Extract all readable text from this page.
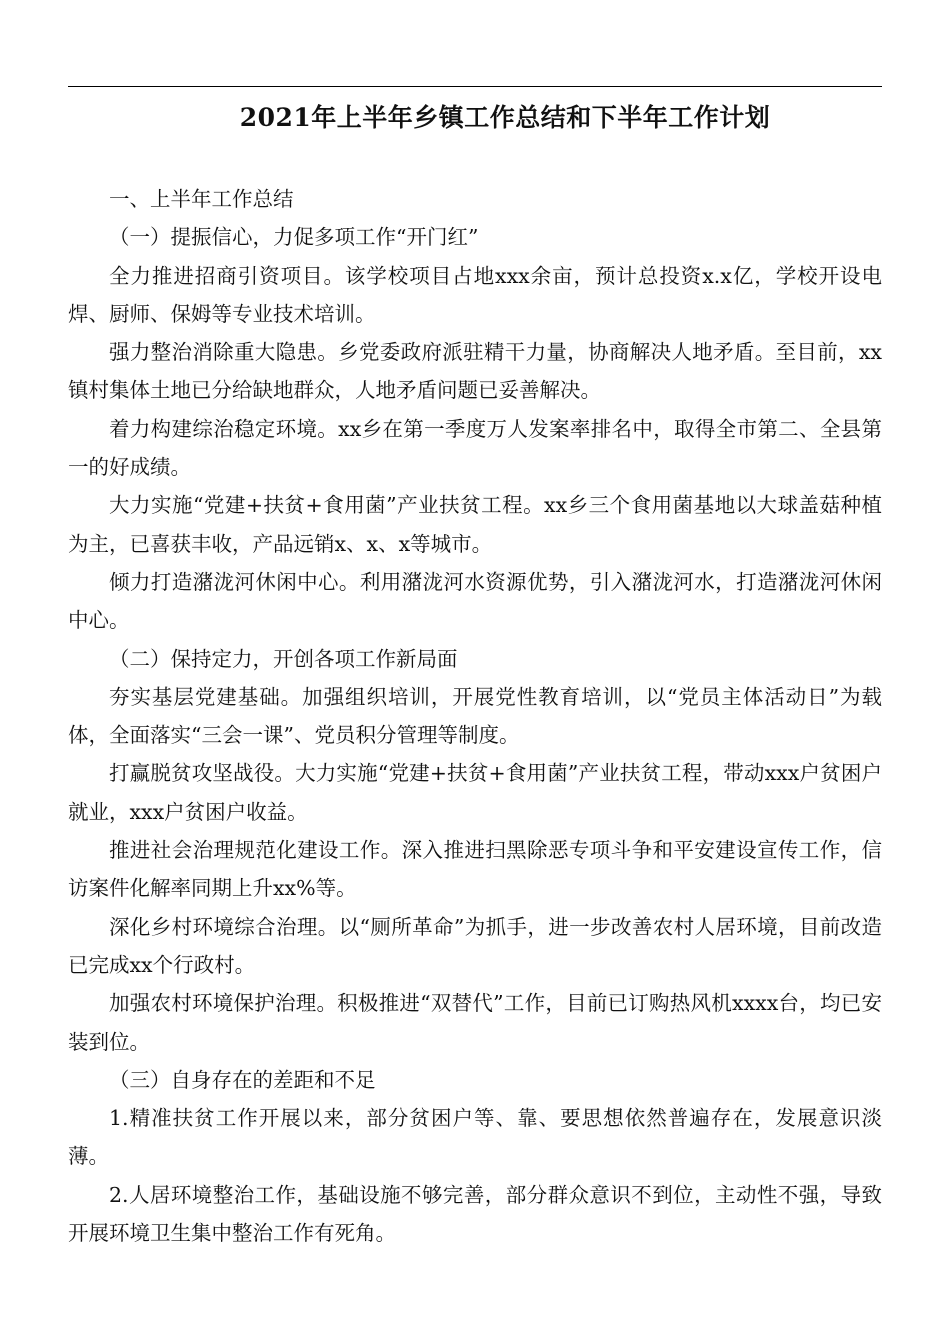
2021年上半年乡镇工作总结和下半年工作计划

一、上半年工作总结

（一）提振信心，力促多项工作“开门红”

全力推进招商引资项目。该学校项目占地xxx余亩，预计总投资x.x亿，学校开设电焊、厨师、保姆等专业技术培训。

强力整治消除重大隐患。乡党委政府派驻精干力量，协商解决人地矛盾。至目前，xx镇村集体土地已分给缺地群众，人地矛盾问题已妥善解决。

着力构建综治稳定环境。xx乡在第一季度万人发案率排名中，取得全市第二、全县第一的好成绩。

大力实施“党建+扶贫+食用菌”产业扶贫工程。xx乡三个食用菌基地以大球盖菇种植为主，已喜获丰收，产品远销x、x、x等城市。

倾力打造潴泷河休闲中心。利用潴泷河水资源优势，引入潴泷河水，打造潴泷河休闲中心。

（二）保持定力，开创各项工作新局面

夯实基层党建基础。加强组织培训，开展党性教育培训，以“党员主体活动日”为载体，全面落实“三会一课”、党员积分管理等制度。

打赢脱贫攻坚战役。大力实施“党建+扶贫+食用菌”产业扶贫工程，带动xxx户贫困户就业，xxx户贫困户收益。

推进社会治理规范化建设工作。深入推进扫黑除恶专项斗争和平安建设宣传工作，信访案件化解率同期上升xx%等。

深化乡村环境综合治理。以“厕所革命”为抓手，进一步改善农村人居环境，目前改造已完成xx个行政村。

加强农村环境保护治理。积极推进“双替代”工作，目前已订购热风机xxxx台，均已安装到位。

（三）自身存在的差距和不足

1.精准扶贫工作开展以来，部分贫困户等、靠、要思想依然普遍存在，发展意识淡薄。

2.人居环境整治工作，基础设施不够完善，部分群众意识不到位，主动性不强，导致开展环境卫生集中整治工作有死角。
